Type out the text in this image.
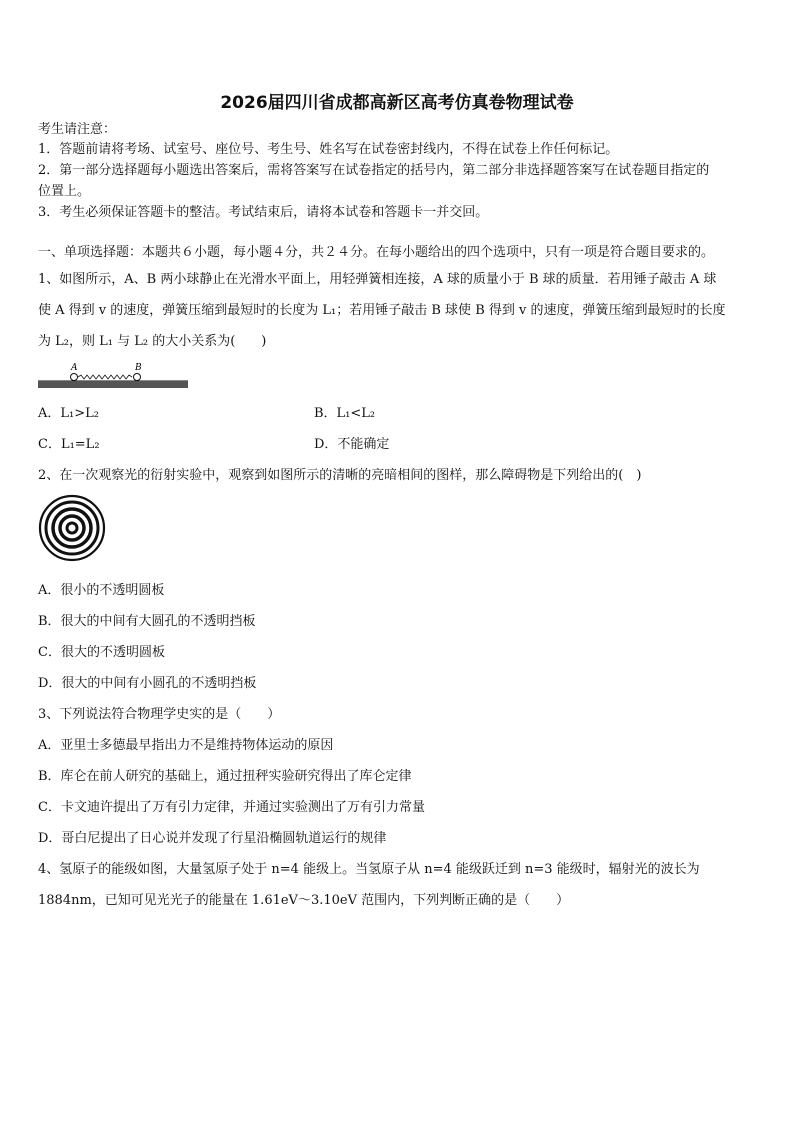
2026届四川省成都高新区高考仿真卷物理试卷
考生请注意：
1．答题前请将考场、试室号、座位号、考生号、姓名写在试卷密封线内，不得在试卷上作任何标记。
2．第一部分选择题每小题选出答案后，需将答案写在试卷指定的括号内，第二部分非选择题答案写在试卷题目指定的
位置上。
3．考生必须保证答题卡的整洁。考试结束后，请将本试卷和答题卡一并交回。
一、单项选择题：本题共６小题，每小题４分，共２４分。在每小题给出的四个选项中，只有一项是符合题目要求的。
1、如图所示，A、B 两小球静止在光滑水平面上，用轻弹簧相连接，A 球的质量小于 B 球的质量．若用锤子敲击 A 球
使 A 得到 v 的速度，弹簧压缩到最短时的长度为 L₁；若用锤子敲击 B 球使 B 得到 v 的速度，弹簧压缩到最短时的长度
为 L₂，则 L₁ 与 L₂ 的大小关系为(　　)
A	B
A．L₁>L₂	B．L₁<L₂
C．L₁=L₂	D．不能确定
2、在一次观察光的衍射实验中，观察到如图所示的清晰的亮暗相间的图样，那么障碍物是下列给出的(　)
A．很小的不透明圆板
B．很大的中间有大圆孔的不透明挡板
C．很大的不透明圆板
D．很大的中间有小圆孔的不透明挡板
3、下列说法符合物理学史实的是（　　）
A．亚里士多德最早指出力不是维持物体运动的原因
B．库仑在前人研究的基础上，通过扭秤实验研究得出了库仑定律
C．卡文迪许提出了万有引力定律，并通过实验测出了万有引力常量
D．哥白尼提出了日心说并发现了行星沿椭圆轨道运行的规律
4、氢原子的能级如图，大量氢原子处于 n=4 能级上。当氢原子从 n=4 能级跃迁到 n=3 能级时，辐射光的波长为
1884nm，已知可见光光子的能量在 1.61eV～3.10eV 范围内，下列判断正确的是（　　）
